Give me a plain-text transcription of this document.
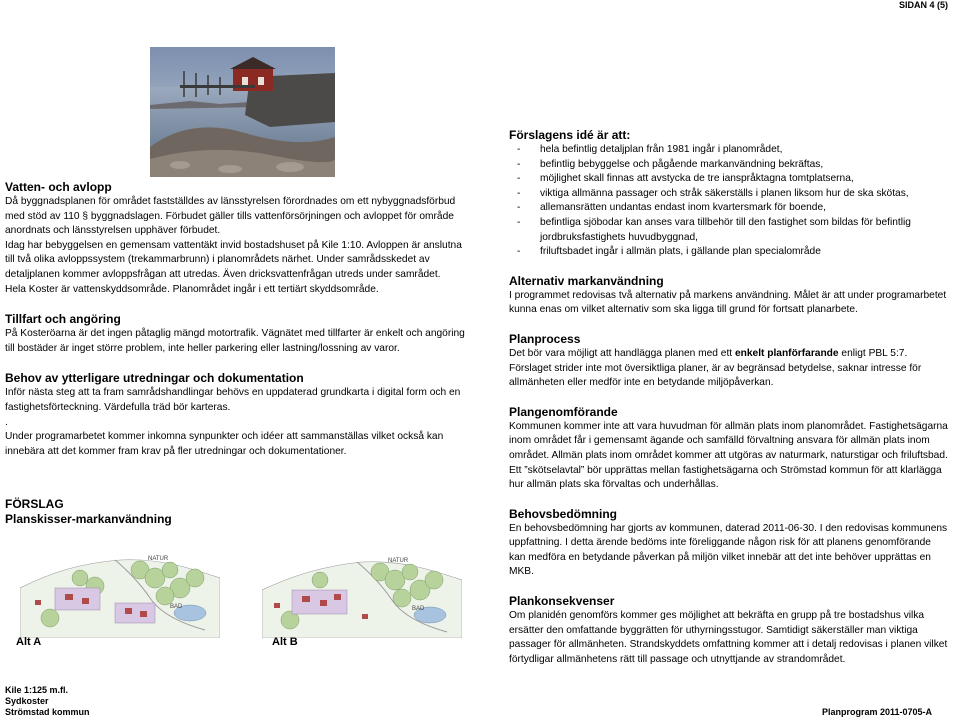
SIDAN 4 (5)

Vatten- och avlopp

Då byggnadsplanen för området fastställdes av länsstyrelsen förordnades om ett nybyggnadsförbud med stöd av 110 § byggnadslagen. Förbudet gäller tills vattenförsörjningen och avloppet för område anordnats och länsstyrelsen upphäver förbudet.

Idag har bebyggelsen en gemensam vattentäkt invid bostadshuset på Kile 1:10. Avloppen är anslutna till två olika avloppssystem (trekammarbrunn) i planområdets närhet. Under samrådsskedet av detaljplanen kommer avloppsfrågan att utredas. Även dricksvattenfrågan utreds under samrådet.

Hela Koster är vattenskyddsområde. Planområdet ingår i ett tertiärt skyddsområde.

Tillfart och angöring

På Kosteröarna är det ingen påtaglig mängd motortrafik. Vägnätet med tillfarter är enkelt och angöring till bostäder är inget större problem, inte heller parkering eller lastning/lossning av varor.

Behov av ytterligare utredningar och dokumentation

Inför nästa steg att ta fram samrådshandlingar behövs en uppdaterad grundkarta i digital form och en fastighetsförteckning. Värdefulla träd bör karteras.

.

Under programarbetet kommer inkomna synpunkter och idéer att sammanställas vilket också kan innebära att det kommer fram krav på fler utredningar och dokumentationer.

FÖRSLAG

Planskisser-markanvändning

NATUR
BAD
Alt A
NATUR
BAD
Alt B

Förslagens idé är att:

- hela befintlig detaljplan från 1981 ingår i planområdet,
- befintlig bebyggelse och pågående markanvändning bekräftas,
- möjlighet skall finnas att avstycka de tre ianspråktagna tomtplatserna,
- viktiga allmänna passager och stråk säkerställs i planen liksom hur de ska skötas,
- allemansrätten undantas endast inom kvartersmark för boende,
- befintliga sjöbodar kan anses vara tillbehör till den fastighet som bildas för befintlig jordbruksfastighets huvudbyggnad,
- friluftsbadet ingår i allmän plats, i gällande plan specialområde

Alternativ markanvändning

I programmet redovisas två alternativ på markens användning. Målet är att under programarbetet kunna enas om vilket alternativ som ska ligga till grund för fortsatt planarbete.

Planprocess

Det bör vara möjligt att handlägga planen med ett enkelt planförfarande enligt PBL 5:7. Förslaget strider inte mot översiktliga planer, är av begränsad betydelse, saknar intresse för allmänheten eller medför inte en betydande miljöpåverkan.

Plangenomförande

Kommunen kommer inte att vara huvudman för allmän plats inom planområdet. Fastighetsägarna inom området får i gemensamt ägande och samfälld förvaltning ansvara för allmän plats inom området. Allmän plats inom området kommer att utgöras av naturmark, naturstigar och friluftsbad. Ett ”skötselavtal” bör upprättas mellan fastighetsägarna och Strömstad kommun för att klarlägga hur allmän plats ska förvaltas och underhållas.

Behovsbedömning

En behovsbedömning har gjorts av kommunen, daterad 2011-06-30. I den redovisas kommunens uppfattning. I detta ärende bedöms inte föreliggande någon risk för att planens genomförande kan medföra en betydande påverkan på miljön vilket innebär att det inte behöver upprättas en MKB.

Plankonsekvenser

Om planidén genomförs kommer ges möjlighet att bekräfta en grupp på tre bostadshus vilka ersätter den omfattande byggrätten för uthyrningsstugor. Samtidigt säkerställer man viktiga passager för allmänheten. Strandskyddets omfattning kommer att i detalj redovisas i planen vilket förtydligar allmänhetens rätt till passage och utnyttjande av strandområdet.

Kile 1:125 m.fl.
Sydkoster
Strömstad kommun	Planprogram 2011-0705-A
